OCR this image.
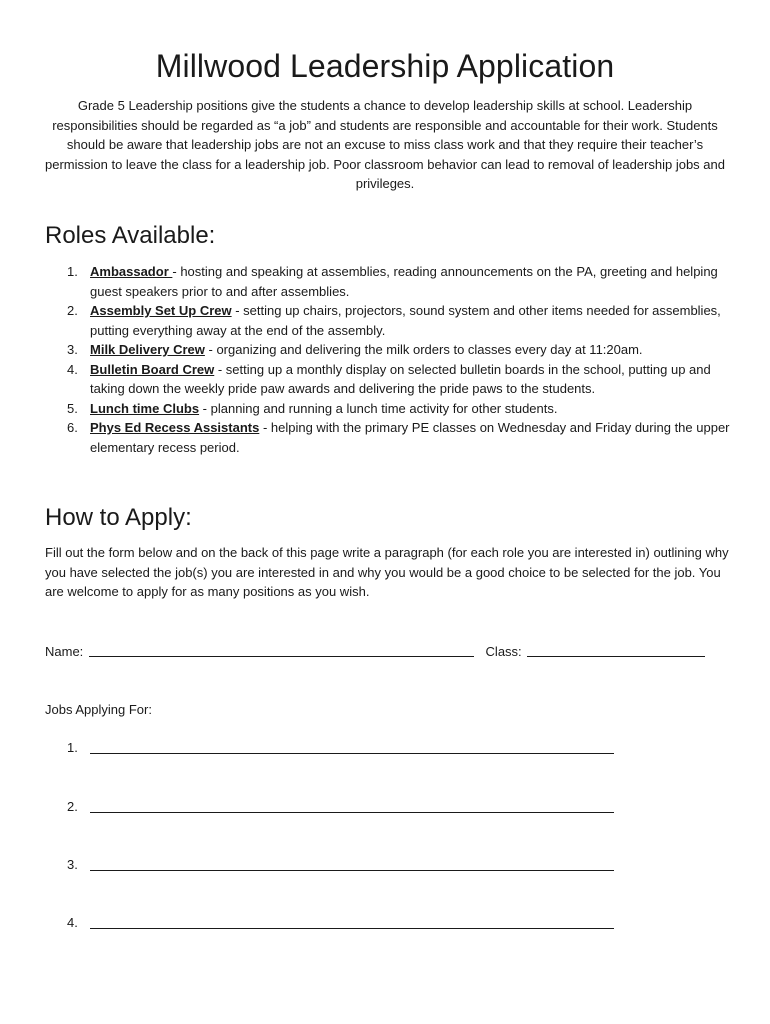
Millwood Leadership Application

Grade 5 Leadership positions give the students a chance to develop leadership skills at school. Leadership responsibilities should be regarded as “a job” and students are responsible and accountable for their work. Students should be aware that leadership jobs are not an excuse to miss class work and that they require their teacher’s permission to leave the class for a leadership job. Poor classroom behavior can lead to removal of leadership jobs and privileges.

Roles Available:
1. Ambassador - hosting and speaking at assemblies, reading announcements on the PA, greeting and helping guest speakers prior to and after assemblies.
2. Assembly Set Up Crew - setting up chairs, projectors, sound system and other items needed for assemblies, putting everything away at the end of the assembly.
3. Milk Delivery Crew - organizing and delivering the milk orders to classes every day at 11:20am.
4. Bulletin Board Crew - setting up a monthly display on selected bulletin boards in the school, putting up and taking down the weekly pride paw awards and delivering the pride paws to the students.
5. Lunch time Clubs - planning and running a lunch time activity for other students.
6. Phys Ed Recess Assistants - helping with the primary PE classes on Wednesday and Friday during the upper elementary recess period.
How to Apply:

Fill out the form below and on the back of this page write a paragraph (for each role you are interested in) outlining why you have selected the job(s) you are interested in and why you would be a good choice to be selected for the job. You are welcome to apply for as many positions as you wish.

Name:	Class:
Jobs Applying For:
1.
2.
3.
4.
